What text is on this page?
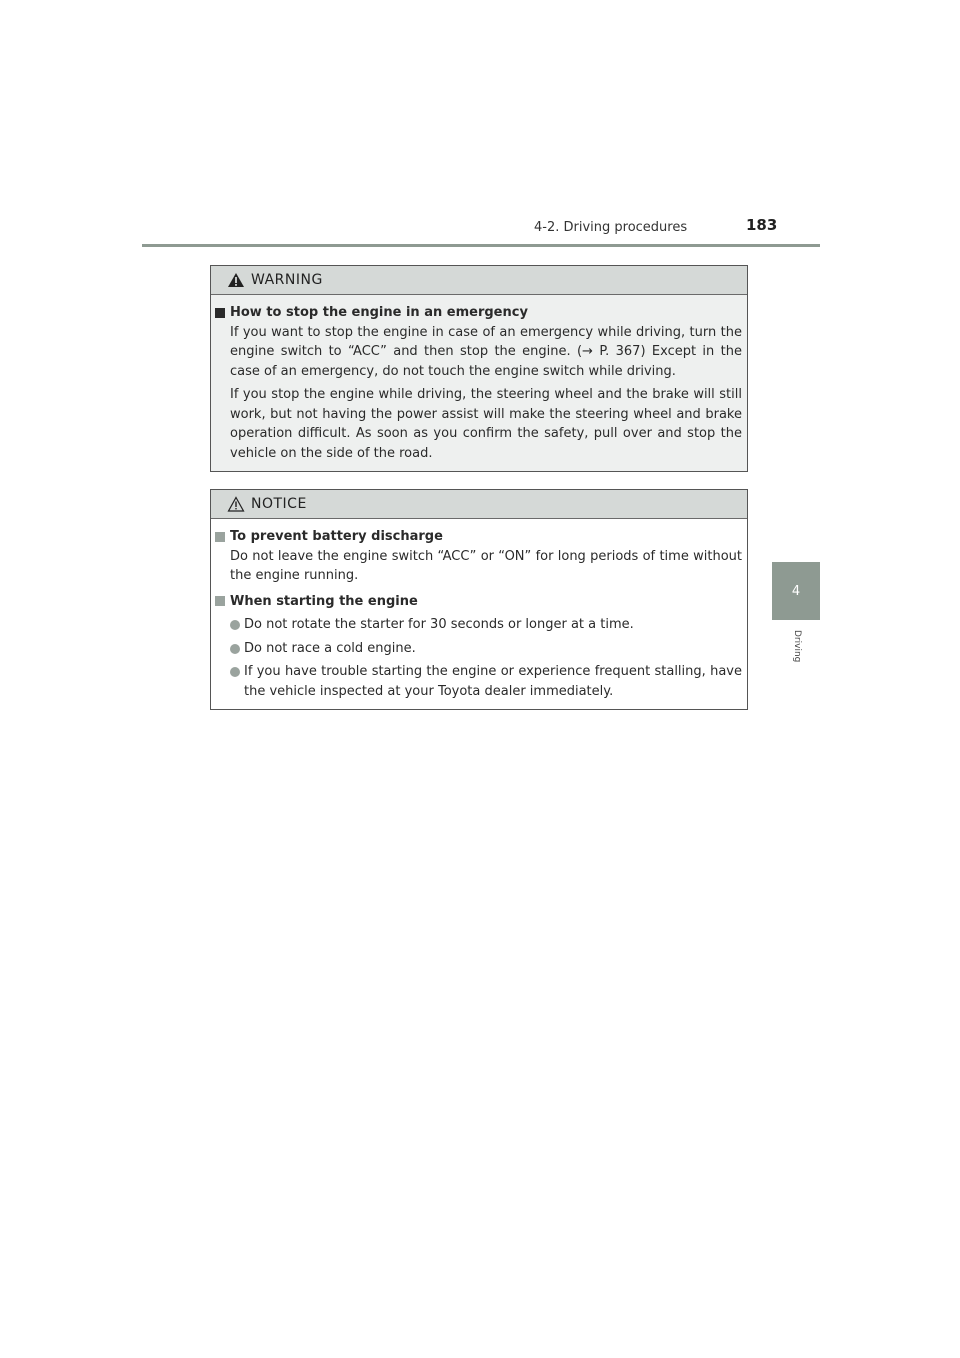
4-2. Driving procedures	183
4
Driving
WARNING
How to stop the engine in an emergency
If you want to stop the engine in case of an emergency while driving, turn the engine switch to “ACC” and then stop the engine. (→ P. 367) Except in the case of an emergency, do not touch the engine switch while driving.
If you stop the engine while driving, the steering wheel and the brake will still work, but not having the power assist will make the steering wheel and brake operation difficult. As soon as you confirm the safety, pull over and stop the vehicle on the side of the road.
NOTICE
To prevent battery discharge
Do not leave the engine switch “ACC” or “ON” for long periods of time without the engine running.
When starting the engine
Do not rotate the starter for 30 seconds or longer at a time.
Do not race a cold engine.
If you have trouble starting the engine or experience frequent stalling, have the vehicle inspected at your Toyota dealer immediately.
